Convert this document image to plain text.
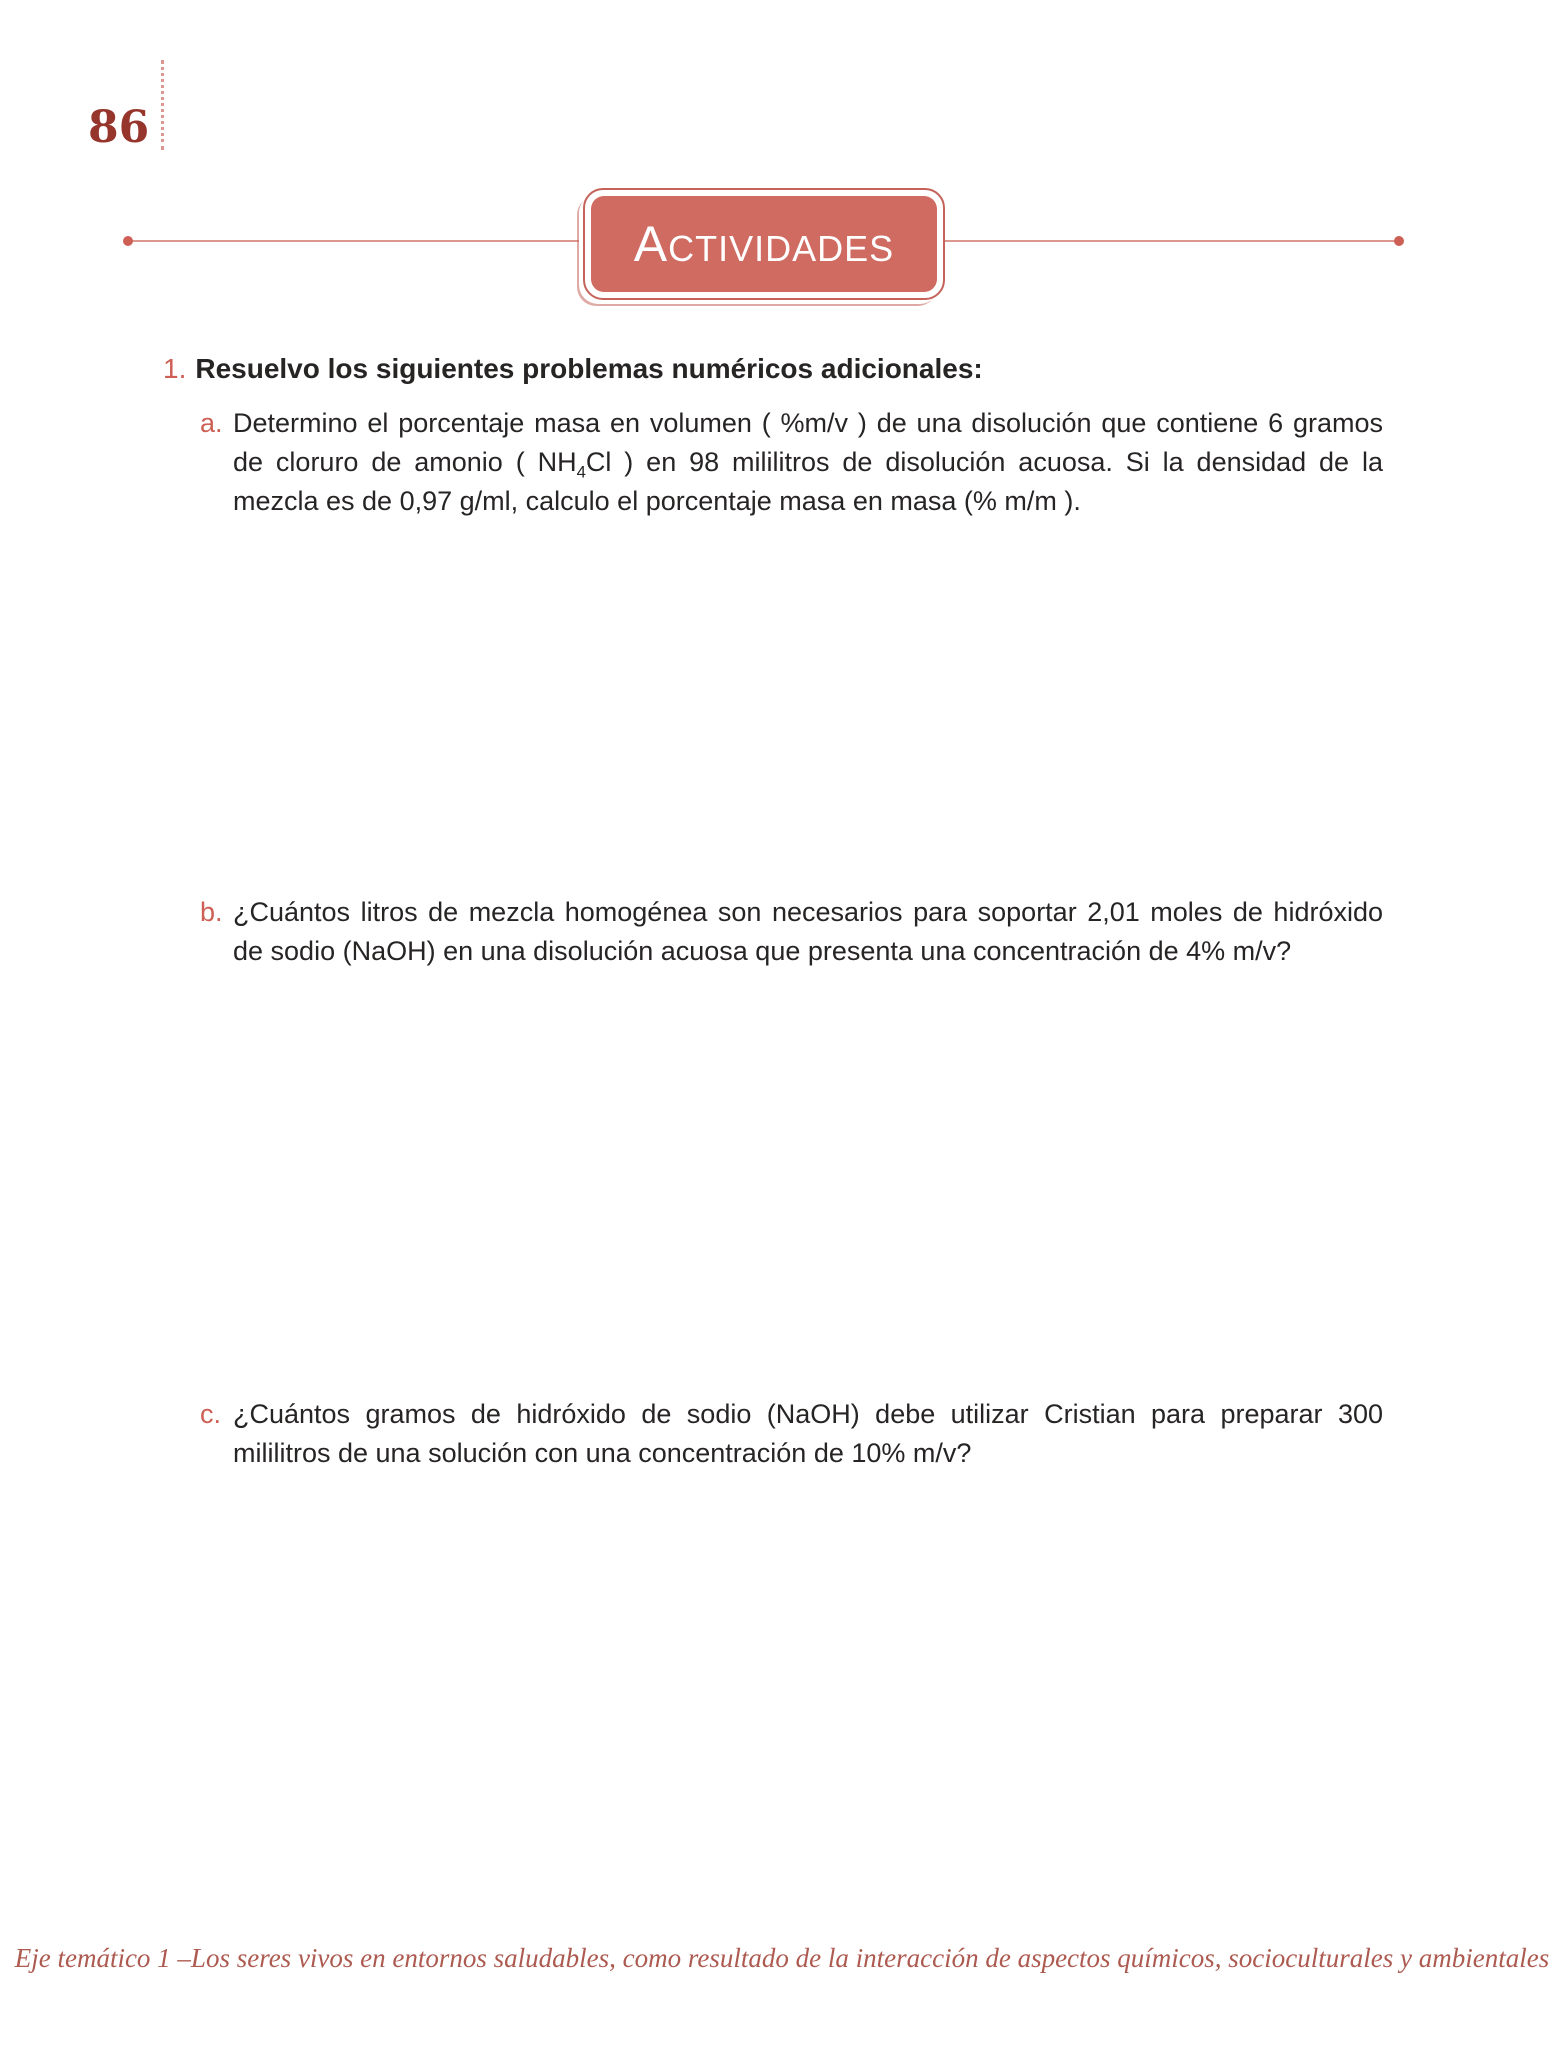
86
ACTIVIDADES
1. Resuelvo los siguientes problemas numéricos adicionales:
a. Determino el porcentaje masa en volumen ( %m/v ) de una disolución que contiene 6 gramos de cloruro de amonio ( $NH_4Cl$ ) en 98 mililitros de disolución acuosa. Si la densidad de la mezcla es de 0,97 g/ml, calculo el porcentaje masa en masa (% m/m ).

b. ¿Cuántos litros de mezcla homogénea son necesarios para soportar 2,01 moles de hidróxido de sodio (NaOH) en una disolución acuosa que presenta una concentración de 4% m/v?

c. ¿Cuántos gramos de hidróxido de sodio (NaOH) debe utilizar Cristian para preparar 300 mililitros de una solución con una concentración de 10% m/v?

Eje temático 1 –Los seres vivos en entornos saludables, como resultado de la interacción de aspectos químicos, socioculturales y ambientales
